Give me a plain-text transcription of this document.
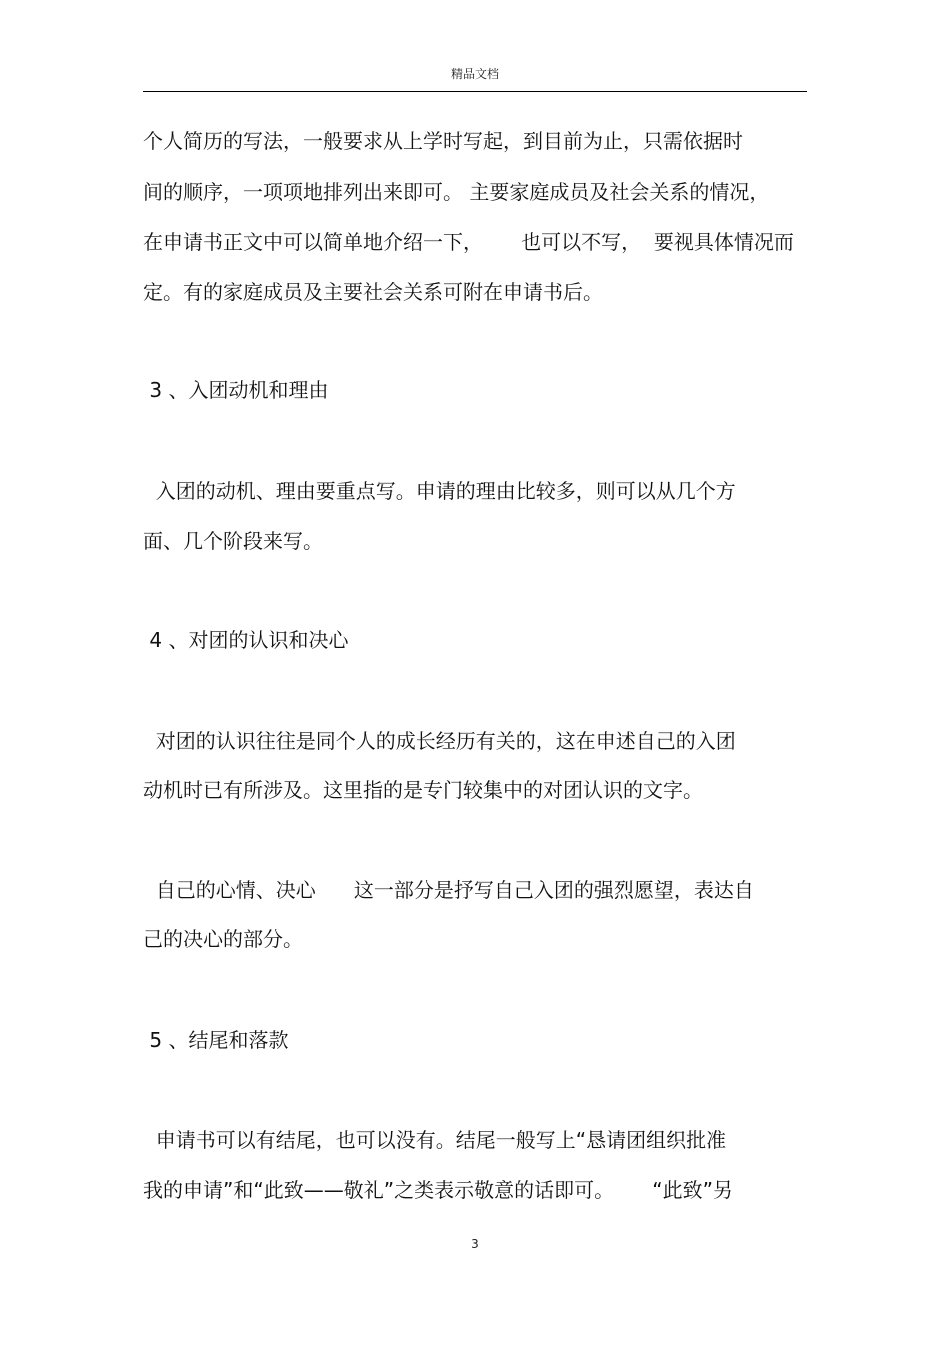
精品文档
个人简历的写法，一般要求从上学时写起，到目前为止，只需依据时
间的顺序，一项项地排列出来即可。 主要家庭成员及社会关系的情况，
在申请书正文中可以简单地介绍一下，      也可以不写，  要视具体情况而
定。有的家庭成员及主要社会关系可附在申请书后。
3 、入团动机和理由
入团的动机、理由要重点写。申请的理由比较多，则可以从几个方
面、几个阶段来写。
4 、对团的认识和决心
对团的认识往往是同个人的成长经历有关的，这在申述自己的入团
动机时已有所涉及。这里指的是专门较集中的对团认识的文字。
自己的心情、决心      这一部分是抒写自己入团的强烈愿望，表达自
己的决心的部分。
5 、结尾和落款
申请书可以有结尾，也可以没有。结尾一般写上“恳请团组织批准
我的申请”和“此致——敬礼”之类表示敬意的话即可。      “此致”另
3
